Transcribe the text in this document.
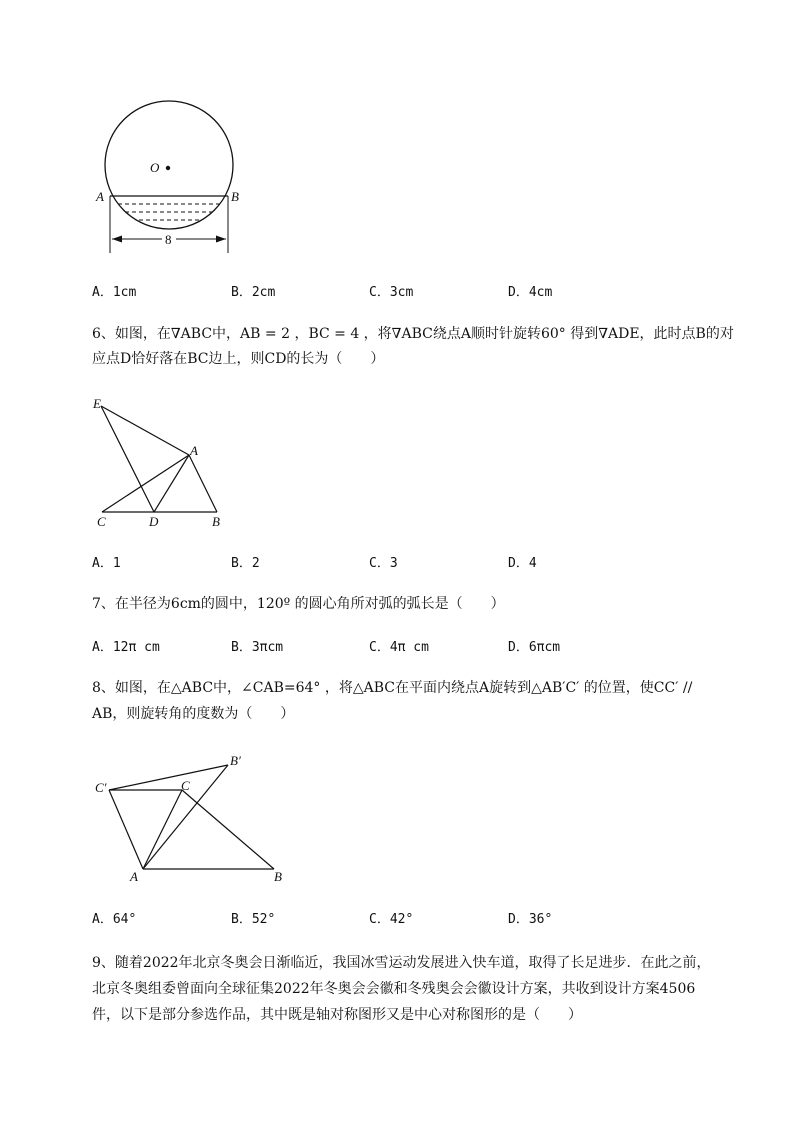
O
A	B
8
A．1cm	B．2cm	C．3cm	D．4cm
6、如图，在∇ABC中，AB = 2 ，BC = 4 ，将∇ABC绕点A顺时针旋转60° 得到∇ADE，此时点B的对
应点D恰好落在BC边上，则CD的长为（　　）
E
A
C	D	B
A．1	B．2	C．3	D．4
7、在半径为6cm的圆中，120º 的圆心角所对弧的弧长是（　　）
A．12π cm	B．3πcm	C．4π cm	D．6πcm
8、如图，在△ABC中，∠CAB=64° ，将△ABC在平面内绕点A旋转到△AB′C′ 的位置，使CC′ //
AB，则旋转角的度数为（　　）
C′	C
B′
A	B
A．64°	B．52°	C．42°	D．36°
9、随着2022年北京冬奥会日渐临近，我国冰雪运动发展进入快车道，取得了长足进步．在此之前，
北京冬奥组委曾面向全球征集2022年冬奥会会徽和冬残奥会会徽设计方案，共收到设计方案4506
件，以下是部分参选作品，其中既是轴对称图形又是中心对称图形的是（　　）
